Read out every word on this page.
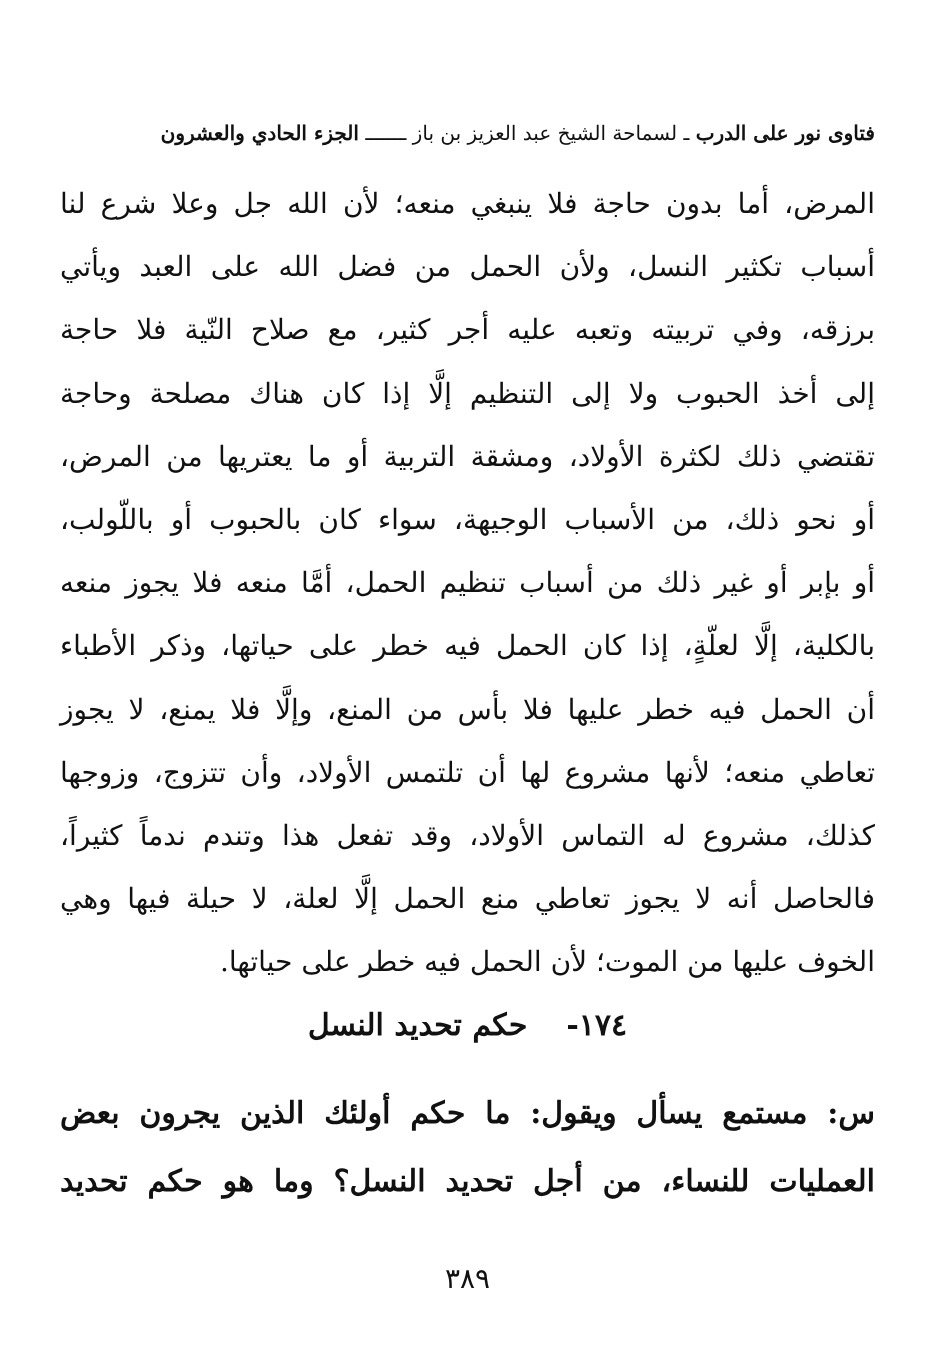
فتاوى نور على الدرب ـ لسماحة الشيخ عبد العزيز بن باز ـــــــ الجزء الحادي والعشرون
المرض، أما بدون حاجة فلا ينبغي منعه؛ لأن الله جل وعلا شرع لنا
أسباب تكثير النسل، ولأن الحمل من فضل الله على العبد ويأتي
برزقه، وفي تربيته وتعبه عليه أجر كثير، مع صلاح النّية فلا حاجة
إلى أخذ الحبوب ولا إلى التنظيم إلَّا إذا كان هناك مصلحة وحاجة
تقتضي ذلك لكثرة الأولاد، ومشقة التربية أو ما يعتريها من المرض،
أو نحو ذلك، من الأسباب الوجيهة، سواء كان بالحبوب أو باللّولب،
أو بإبر أو غير ذلك من أسباب تنظيم الحمل، أمَّا منعه فلا يجوز منعه
بالكلية، إلَّا لعلّةٍ، إذا كان الحمل فيه خطر على حياتها، وذكر الأطباء
أن الحمل فيه خطر عليها فلا بأس من المنع، وإلَّا فلا يمنع، لا يجوز
تعاطي منعه؛ لأنها مشروع لها أن تلتمس الأولاد، وأن تتزوج، وزوجها
كذلك، مشروع له التماس الأولاد، وقد تفعل هذا وتندم ندماً كثيراً،
فالحاصل أنه لا يجوز تعاطي منع الحمل إلَّا لعلة، لا حيلة فيها وهي
الخوف عليها من الموت؛ لأن الحمل فيه خطر على حياتها.
١٧٤-  حكم تحديد النسل
س: مستمع يسأل ويقول: ما حكم أولئك الذين يجرون بعض
العمليات للنساء، من أجل تحديد النسل؟ وما هو حكم تحديد
٣٨٩
